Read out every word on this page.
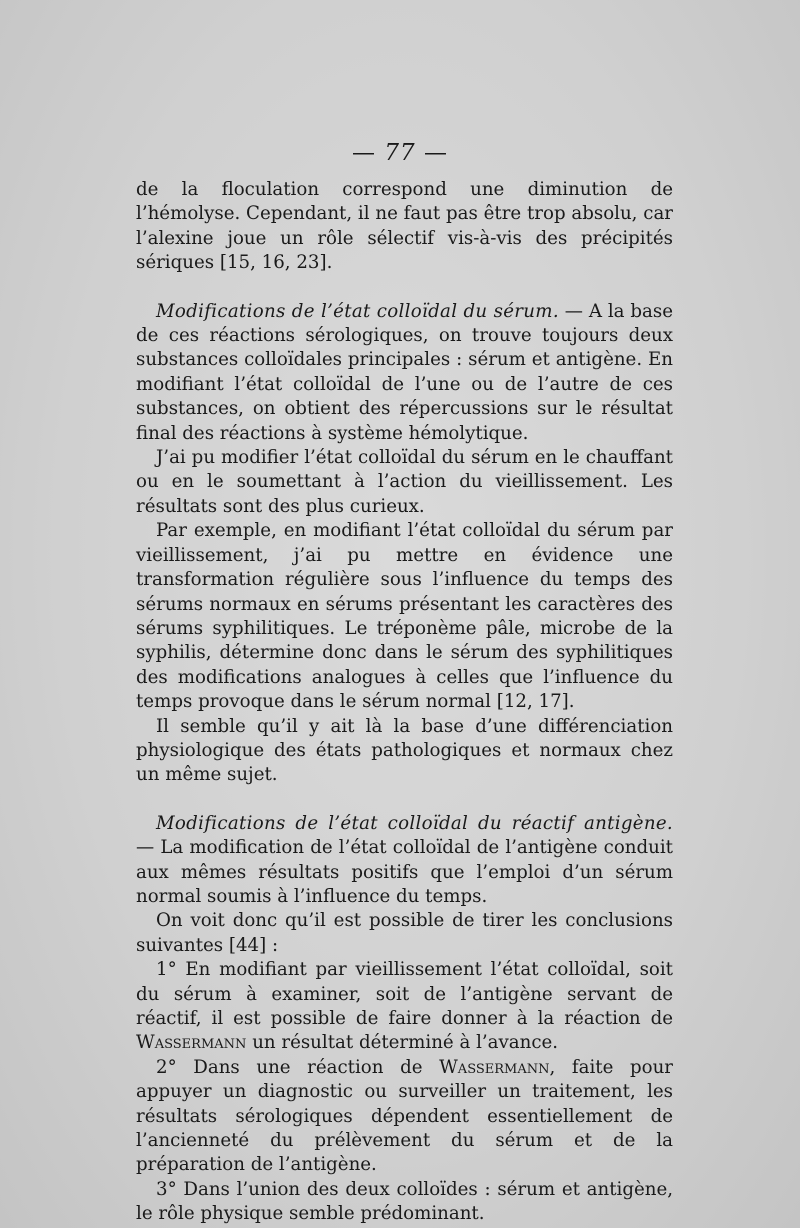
— 77 —

de la floculation correspond une diminution de l’hémolyse. Cependant, il ne faut pas être trop absolu, car l’alexine joue un rôle sélectif vis-à-vis des précipités sériques [15, 16, 23].

Modifications de l’état colloïdal du sérum. — A la base de ces réactions sérologiques, on trouve toujours deux substances colloïdales principales : sérum et antigène. En modifiant l’état colloïdal de l’une ou de l’autre de ces substances, on obtient des répercussions sur le résultat final des réactions à système hémolytique.

J’ai pu modifier l’état colloïdal du sérum en le chauffant ou en le soumettant à l’action du vieillissement. Les résultats sont des plus curieux.

Par exemple, en modifiant l’état colloïdal du sérum par vieillissement, j’ai pu mettre en évidence une transformation régulière sous l’influence du temps des sérums normaux en sérums présentant les caractères des sérums syphilitiques. Le tréponème pâle, microbe de la syphilis, détermine donc dans le sérum des syphilitiques des modifications analogues à celles que l’influence du temps provoque dans le sérum normal [12, 17].

Il semble qu’il y ait là la base d’une différenciation physiologique des états pathologiques et normaux chez un même sujet.

Modifications de l’état colloïdal du réactif antigène. — La modification de l’état colloïdal de l’antigène conduit aux mêmes résultats positifs que l’emploi d’un sérum normal soumis à l’influence du temps.

On voit donc qu’il est possible de tirer les conclusions suivantes [44] :

1° En modifiant par vieillissement l’état colloïdal, soit du sérum à examiner, soit de l’antigène servant de réactif, il est possible de faire donner à la réaction de Wassermann un résultat déterminé à l’avance.

2° Dans une réaction de Wassermann, faite pour appuyer un diagnostic ou surveiller un traitement, les résultats sérologiques dépendent essentiellement de l’ancienneté du prélèvement du sérum et de la préparation de l’antigène.

3° Dans l’union des deux colloïdes : sérum et antigène, le rôle physique semble prédominant.
